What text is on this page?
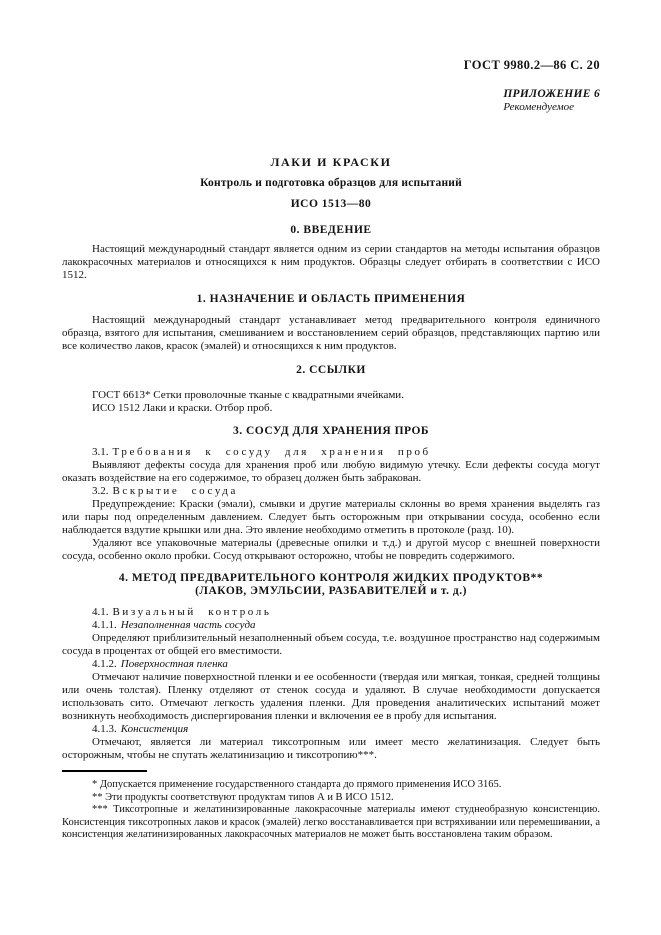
ГОСТ 9980.2—86 С. 20
ПРИЛОЖЕНИЕ 6
Рекомендуемое
ЛАКИ И КРАСКИ
Контроль и подготовка образцов для испытаний
ИСО 1513—80
0. ВВЕДЕНИЕ

Настоящий международный стандарт является одним из серии стандартов на методы испытания образцов лакокрасочных материалов и относящихся к ним продуктов. Образцы следует отбирать в соответствии с ИСО 1512.

1. НАЗНАЧЕНИЕ И ОБЛАСТЬ ПРИМЕНЕНИЯ

Настоящий международный стандарт устанавливает метод предварительного контроля единичного образца, взятого для испытания, смешиванием и восстановлением серий образцов, представляющих партию или все количество лаков, красок (эмалей) и относящихся к ним продуктов.

2. ССЫЛКИ

ГОСТ 6613* Сетки проволочные тканые с квадратными ячейками.

ИСО 1512 Лаки и краски. Отбор проб.

3. СОСУД ДЛЯ ХРАНЕНИЯ ПРОБ

3.1. Требования к сосуду для хранения проб

Выявляют дефекты сосуда для хранения проб или любую видимую утечку. Если дефекты сосуда могут оказать воздействие на его содержимое, то образец должен быть забракован.

3.2. Вскрытие сосуда

Предупреждение: Краски (эмали), смывки и другие материалы склонны во время хранения выделять газ или пары под определенным давлением. Следует быть осторожным при открывании сосуда, особенно если наблюдается вздутие крышки или дна. Это явление необходимо отметить в протоколе (разд. 10).

Удаляют все упаковочные материалы (древесные опилки и т.д.) и другой мусор с внешней поверхности сосуда, особенно около пробки. Сосуд открывают осторожно, чтобы не повредить содержимого.

4. МЕТОД ПРЕДВАРИТЕЛЬНОГО КОНТРОЛЯ ЖИДКИХ ПРОДУКТОВ**
(ЛАКОВ, ЭМУЛЬСИИ, РАЗБАВИТЕЛЕЙ и т. д.)

4.1. Визуальный контроль

4.1.1. Незаполненная часть сосуда

Определяют приблизительный незаполненный объем сосуда, т.е. воздушное пространство над содержимым сосуда в процентах от общей его вместимости.

4.1.2. Поверхностная пленка

Отмечают наличие поверхностной пленки и ее особенности (твердая или мягкая, тонкая, средней толщины или очень толстая). Пленку отделяют от стенок сосуда и удаляют. В случае необходимости допускается использовать сито. Отмечают легкость удаления пленки. Для проведения аналитических испытаний может возникнуть необходимость диспергирования пленки и включения ее в пробу для испытания.

4.1.3. Консистенция

Отмечают, является ли материал тиксотропным или имеет место желатинизация. Следует быть осторожным, чтобы не спутать желатинизацию и тиксотропию***.

* Допускается применение государственного стандарта до прямого применения ИСО 3165.

** Эти продукты соответствуют продуктам типов А и В ИСО 1512.

*** Тиксотропные и желатинизированные лакокрасочные материалы имеют студнеобразную консистенцию. Консистенция тиксотропных лаков и красок (эмалей) легко восстанавливается при встряхивании или перемешивании, а консистенция желатинизированных лакокрасочных материалов не может быть восстановлена таким образом.
